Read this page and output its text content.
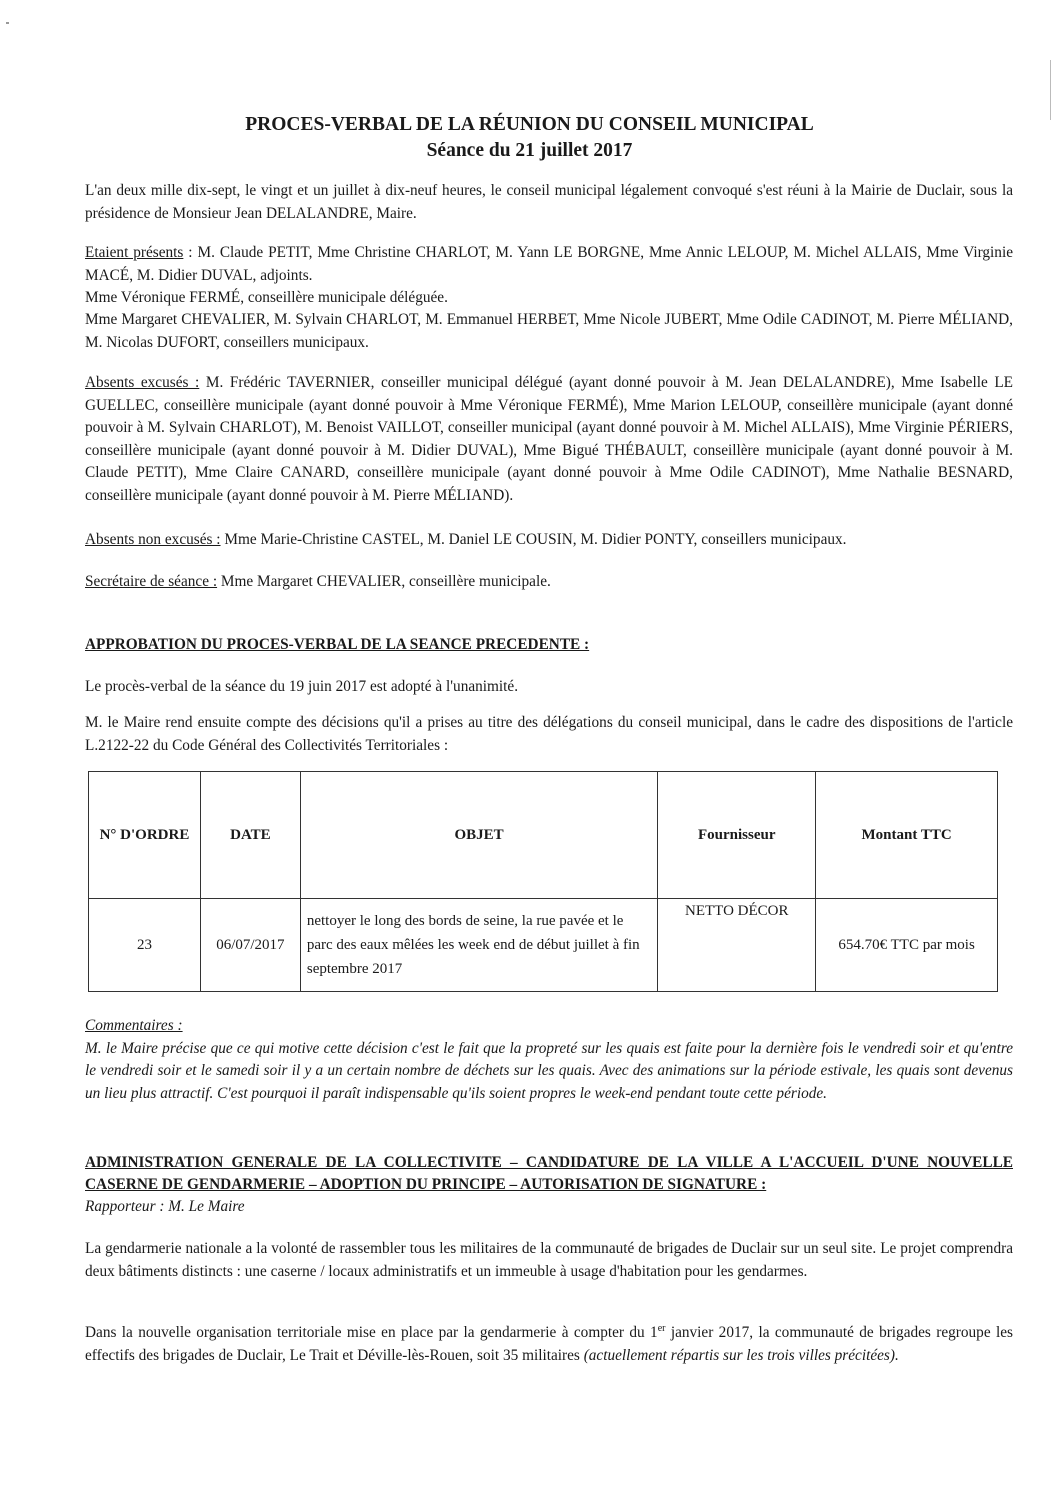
PROCES-VERBAL DE LA RÉUNION DU CONSEIL MUNICIPAL
Séance du 21 juillet 2017
L'an deux mille dix-sept, le vingt et un juillet à dix-neuf heures, le conseil municipal légalement convoqué s'est réuni à la Mairie de Duclair, sous la présidence de Monsieur Jean DELALANDRE, Maire.
Etaient présents : M. Claude PETIT, Mme Christine CHARLOT, M. Yann LE BORGNE, Mme Annic LELOUP, M. Michel ALLAIS, Mme Virginie MACÉ, M. Didier DUVAL, adjoints.
Mme Véronique FERMÉ, conseillère municipale déléguée.
Mme Margaret CHEVALIER, M. Sylvain CHARLOT, M. Emmanuel HERBET, Mme Nicole JUBERT, Mme Odile CADINOT, M. Pierre MÉLIAND, M. Nicolas DUFORT, conseillers municipaux.
Absents excusés : M. Frédéric TAVERNIER, conseiller municipal délégué (ayant donné pouvoir à M. Jean DELALANDRE), Mme Isabelle LE GUELLEC, conseillère municipale (ayant donné pouvoir à Mme Véronique FERMÉ), Mme Marion LELOUP, conseillère municipale (ayant donné pouvoir à M. Sylvain CHARLOT), M. Benoist VAILLOT, conseiller municipal (ayant donné pouvoir à M. Michel ALLAIS), Mme Virginie PÉRIERS, conseillère municipale (ayant donné pouvoir à M. Didier DUVAL), Mme Bigué THÉBAULT, conseillère municipale (ayant donné pouvoir à M. Claude PETIT), Mme Claire CANARD, conseillère municipale (ayant donné pouvoir à Mme Odile CADINOT), Mme Nathalie BESNARD, conseillère municipale (ayant donné pouvoir à M. Pierre MÉLIAND).
Absents non excusés : Mme Marie-Christine CASTEL, M. Daniel LE COUSIN, M. Didier PONTY, conseillers municipaux.
Secrétaire de séance : Mme Margaret CHEVALIER, conseillère municipale.
APPROBATION DU PROCES-VERBAL DE LA SEANCE PRECEDENTE :
Le procès-verbal de la séance du 19 juin 2017 est adopté à l'unanimité.
M. le Maire rend ensuite compte des décisions qu'il a prises au titre des délégations du conseil municipal, dans le cadre des dispositions de l'article L.2122-22 du Code Général des Collectivités Territoriales :
N° D'ORDRE	DATE	OBJET	Fournisseur	Montant TTC
23	06/07/2017	nettoyer le long des bords de seine, la rue pavée et le parc des eaux mêlées les week end de début juillet à fin septembre 2017	NETTO DÉCOR	654.70€ TTC par mois
Commentaires :
M. le Maire précise que ce qui motive cette décision c'est le fait que la propreté sur les quais est faite pour la dernière fois le vendredi soir et qu'entre le vendredi soir et le samedi soir il y a un certain nombre de déchets sur les quais. Avec des animations sur la période estivale, les quais sont devenus un lieu plus attractif. C'est pourquoi il paraît indispensable qu'ils soient propres le week-end pendant toute cette période.
ADMINISTRATION GENERALE DE LA COLLECTIVITE – CANDIDATURE DE LA VILLE A L'ACCUEIL D'UNE NOUVELLE CASERNE DE GENDARMERIE – ADOPTION DU PRINCIPE – AUTORISATION DE SIGNATURE :
Rapporteur : M. Le Maire
La gendarmerie nationale a la volonté de rassembler tous les militaires de la communauté de brigades de Duclair sur un seul site. Le projet comprendra deux bâtiments distincts : une caserne / locaux administratifs et un immeuble à usage d'habitation pour les gendarmes.
Dans la nouvelle organisation territoriale mise en place par la gendarmerie à compter du 1er janvier 2017, la communauté de brigades regroupe les effectifs des brigades de Duclair, Le Trait et Déville-lès-Rouen, soit 35 militaires (actuellement répartis sur les trois villes précitées).
